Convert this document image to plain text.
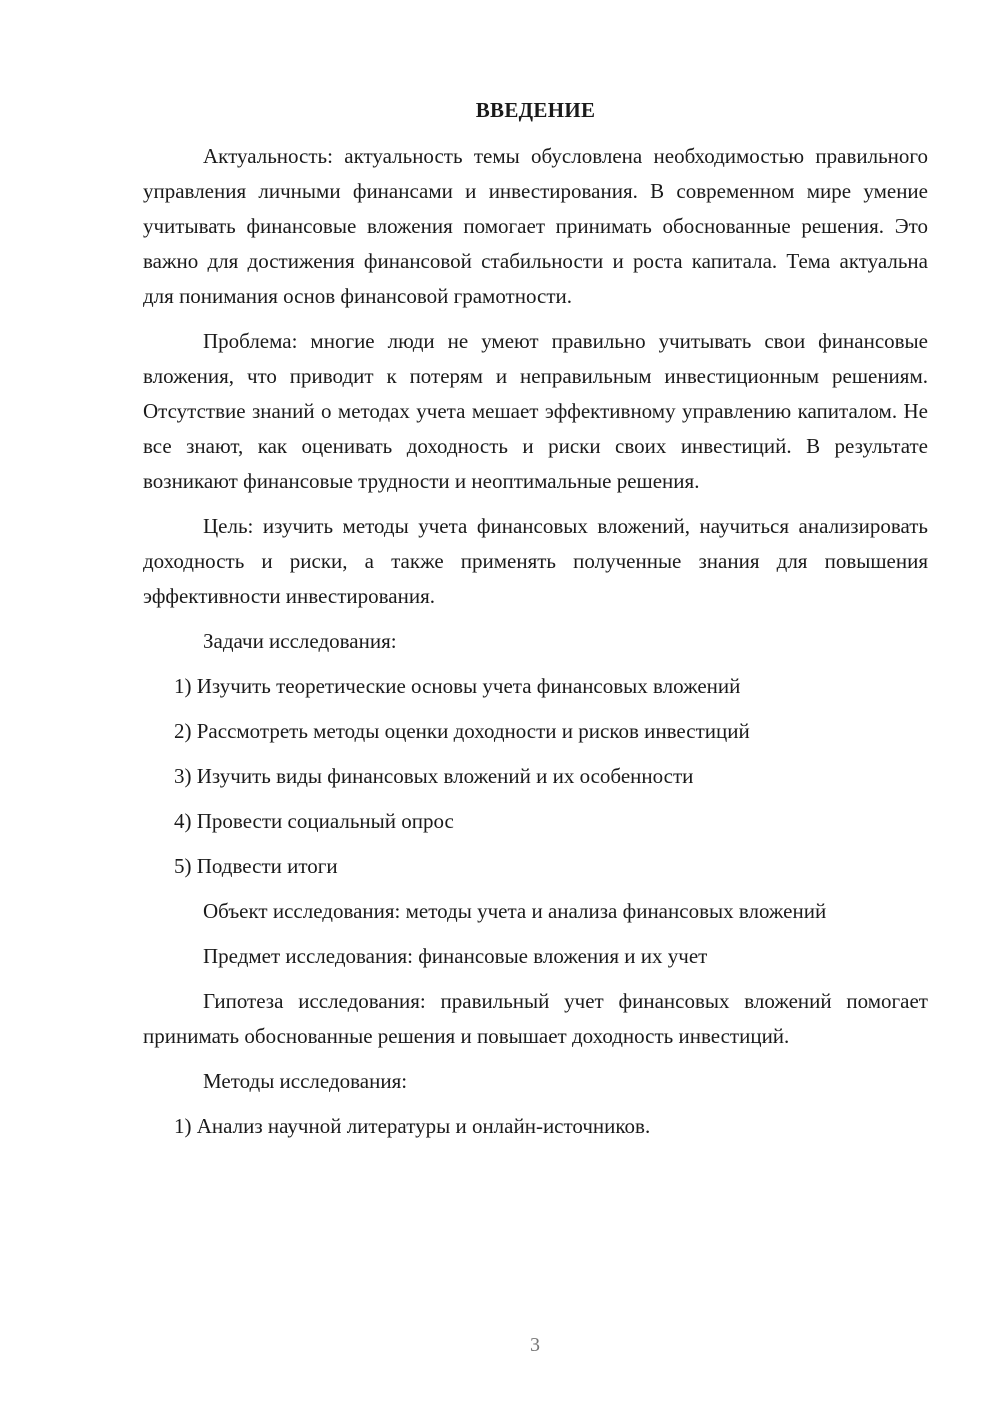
ВВЕДЕНИЕ

Актуальность: актуальность темы обусловлена необходимостью правильного управления личными финансами и инвестирования. В современном мире умение учитывать финансовые вложения помогает принимать обоснованные решения. Это важно для достижения финансовой стабильности и роста капитала. Тема актуальна для понимания основ финансовой грамотности.

Проблема: многие люди не умеют правильно учитывать свои финансовые вложения, что приводит к потерям и неправильным инвестиционным решениям. Отсутствие знаний о методах учета мешает эффективному управлению капиталом. Не все знают, как оценивать доходность и риски своих инвестиций. В результате возникают финансовые трудности и неоптимальные решения.

Цель: изучить методы учета финансовых вложений, научиться анализировать доходность и риски, а также применять полученные знания для повышения эффективности инвестирования.

Задачи исследования:

1) Изучить теоретические основы учета финансовых вложений

2) Рассмотреть методы оценки доходности и рисков инвестиций

3) Изучить виды финансовых вложений и их особенности

4) Провести социальный опрос

5) Подвести итоги

Объект исследования: методы учета и анализа финансовых вложений

Предмет исследования: финансовые вложения и их учет

Гипотеза исследования: правильный учет финансовых вложений помогает принимать обоснованные решения и повышает доходность инвестиций.

Методы исследования:

1) Анализ научной литературы и онлайн-источников.

3
